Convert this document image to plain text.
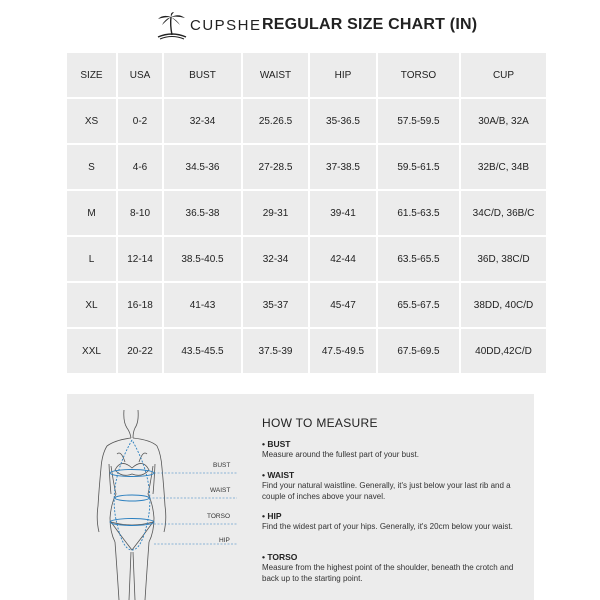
CUPSHE REGULAR SIZE CHART (IN)
SIZE	USA	BUST	WAIST	HIP	TORSO	CUP
XS	0-2	32-34	25.26.5	35-36.5	57.5-59.5	30A/B, 32A
S	4-6	34.5-36	27-28.5	37-38.5	59.5-61.5	32B/C, 34B
M	8-10	36.5-38	29-31	39-41	61.5-63.5	34C/D, 36B/C
L	12-14	38.5-40.5	32-34	42-44	63.5-65.5	36D, 38C/D
XL	16-18	41-43	35-37	45-47	65.5-67.5	38DD, 40C/D
XXL	20-22	43.5-45.5	37.5-39	47.5-49.5	67.5-69.5	40DD,42C/D
BUST
WAIST
TORSO
HIP
HOW TO MEASURE
• BUST
Measure around the fullest part of your bust.
• WAIST
Find your natural waistline. Generally, it's just below your last rib and a couple of inches above your navel.
• HIP
Find the widest part of your hips. Generally, it's 20cm below your waist.
• TORSO
Measure from the highest point of the shoulder, beneath the crotch and back up to the starting point.
